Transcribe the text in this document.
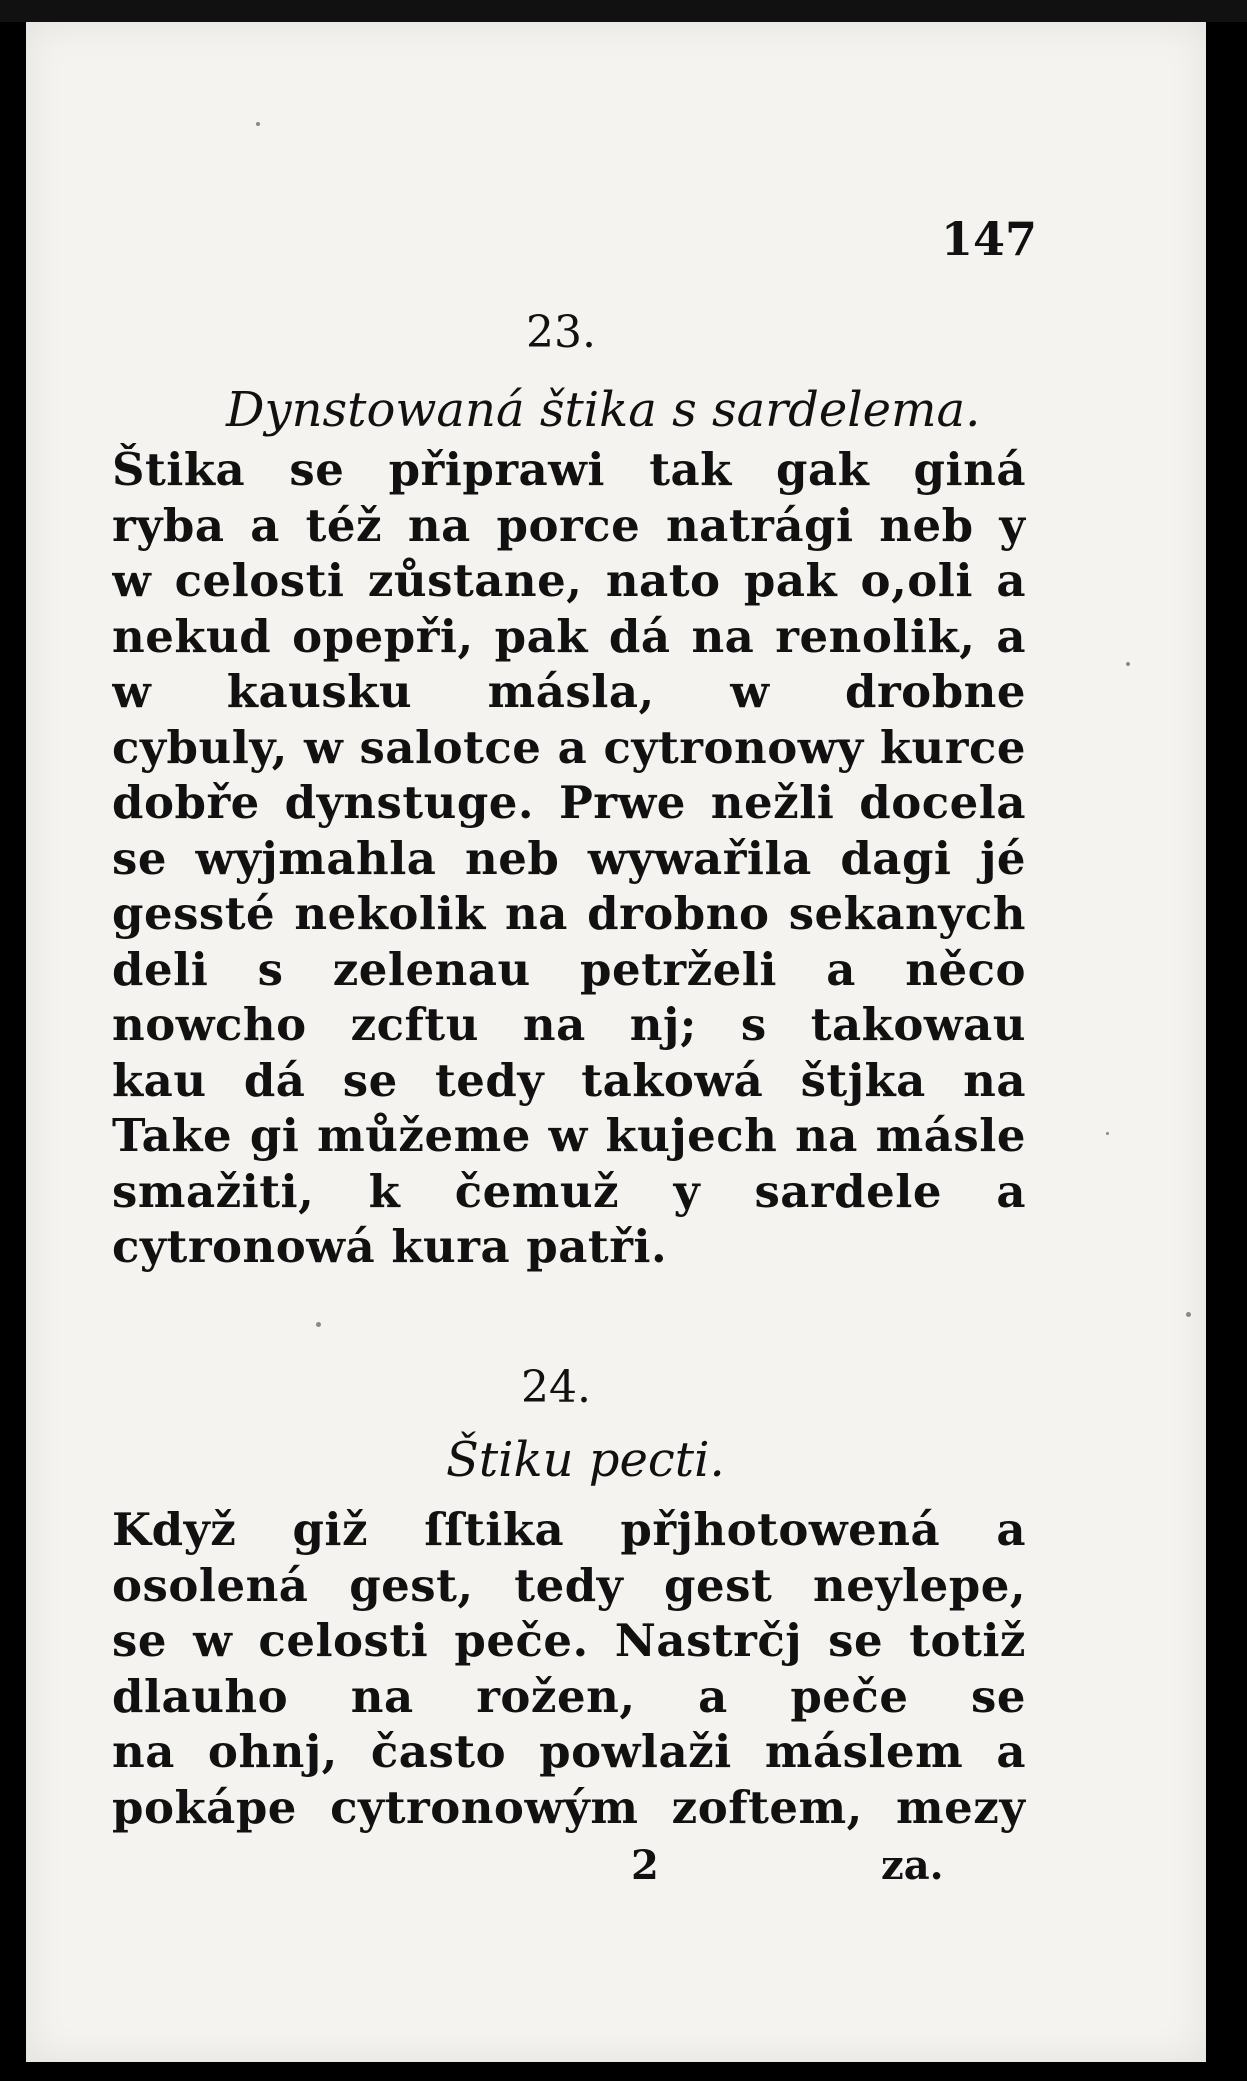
147
23.
Dynstowaná štika s sardelema.
Štika se připrawi tak gak giná
ryba a též na porce natrági neb y
w celosti zůstane, nato pak o,oli a
nekud opepři, pak dá na renolik, a
w kausku másla, w drobne
cybuly, w salotce a cytronowy kurce
dobře dynstuge. Prwe nežli docela
se wyjmahla neb wywařila dagi jé
gessté nekolik na drobno sekanych
deli s zelenau petrželi a něco
nowcho zcftu na nj; s takowau
kau dá se tedy takowá štjka na
Take gi můžeme w kujech na másle
smažiti, k čemuž y sardele a
cytronowá kura patři.
24.
Štiku pecti.
Když giž ſſtika přjhotowená a
osolená gest, tedy gest neylepe,
se w celosti peče. Nastrčj se totiž
dlauho na rožen, a peče se
na ohnj, často powlaži máslem a
pokápe cytronowým zoftem, mezy
2	za.
